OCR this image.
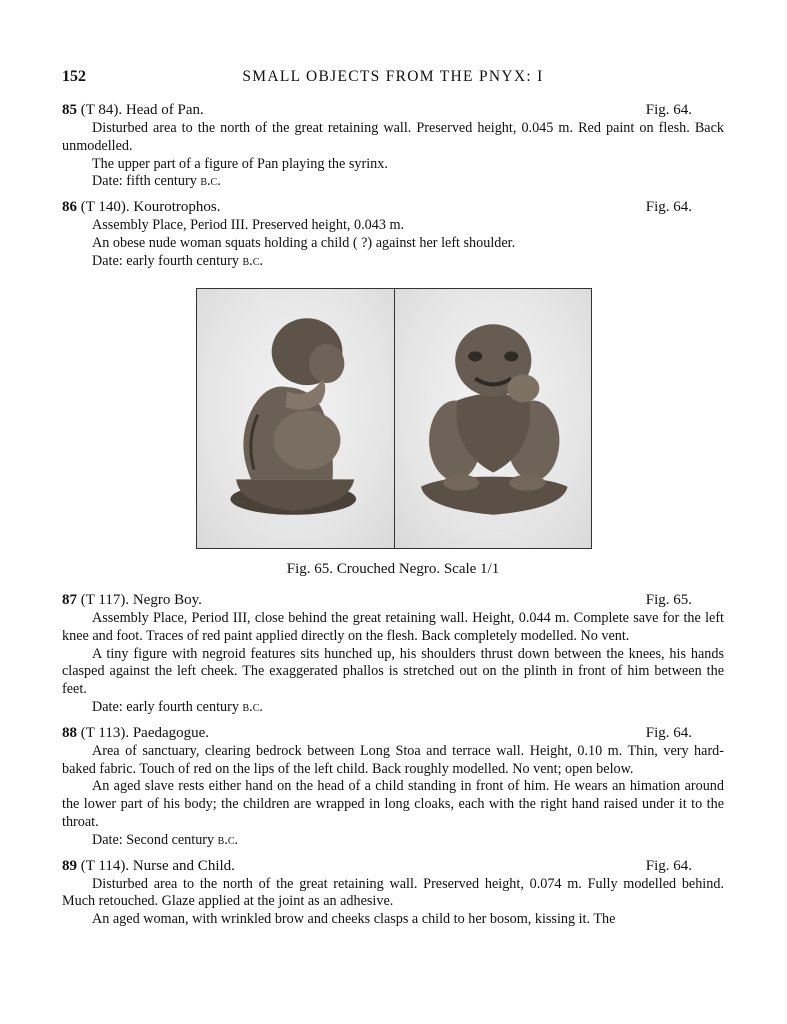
152	SMALL OBJECTS FROM THE PNYX: I
85 (T 84). Head of Pan.	Fig. 64.

Disturbed area to the north of the great retaining wall. Preserved height, 0.045 m. Red paint on flesh. Back unmodelled.

The upper part of a figure of Pan playing the syrinx.

Date: fifth century b.c.

86 (T 140). Kourotrophos.	Fig. 64.

Assembly Place, Period III. Preserved height, 0.043 m.

An obese nude woman squats holding a child ( ?) against her left shoulder.

Date: early fourth century b.c.

Fig. 65. Crouched Negro. Scale 1/1
87 (T 117). Negro Boy.	Fig. 65.

Assembly Place, Period III, close behind the great retaining wall. Height, 0.044 m. Complete save for the left knee and foot. Traces of red paint applied directly on the flesh. Back completely modelled. No vent.

A tiny figure with negroid features sits hunched up, his shoulders thrust down between the knees, his hands clasped against the left cheek. The exaggerated phallos is stretched out on the plinth in front of him between the feet.

Date: early fourth century b.c.

88 (T 113). Paedagogue.	Fig. 64.

Area of sanctuary, clearing bedrock between Long Stoa and terrace wall. Height, 0.10 m. Thin, very hard-baked fabric. Touch of red on the lips of the left child. Back roughly modelled. No vent; open below.

An aged slave rests either hand on the head of a child standing in front of him. He wears an himation around the lower part of his body; the children are wrapped in long cloaks, each with the right hand raised under it to the throat.

Date: Second century b.c.

89 (T 114). Nurse and Child.	Fig. 64.

Disturbed area to the north of the great retaining wall. Preserved height, 0.074 m. Fully modelled behind. Much retouched. Glaze applied at the joint as an adhesive.

An aged woman, with wrinkled brow and cheeks clasps a child to her bosom, kissing it. The
